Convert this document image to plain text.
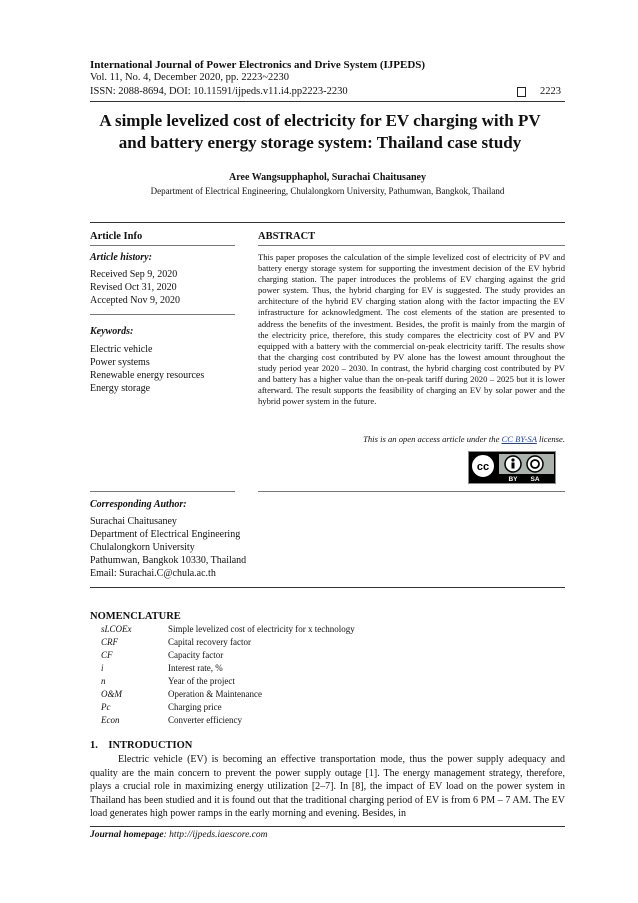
International Journal of Power Electronics and Drive System (IJPEDS)
Vol. 11, No. 4, December 2020, pp. 2223~2230
ISSN: 2088-8694, DOI: 10.11591/ijpeds.v11.i4.pp2223-2230	2223
A simple levelized cost of electricity for EV charging with PV
and battery energy storage system: Thailand case study
Aree Wangsupphaphol, Surachai Chaitusaney
Department of Electrical Engineering, Chulalongkorn University, Pathumwan, Bangkok, Thailand
Article Info
Article history:
Received Sep 9, 2020
Revised Oct 31, 2020
Accepted Nov 9, 2020
Keywords:
Electric vehicle
Power systems
Renewable energy resources
Energy storage
ABSTRACT
This paper proposes the calculation of the simple levelized cost of electricity of PV and battery energy storage system for supporting the investment decision of the EV hybrid charging station. The paper introduces the problems of EV charging against the grid power system. Thus, the hybrid charging for EV is suggested. The study provides an architecture of the hybrid EV charging station along with the factor impacting the EV infrastructure for acknowledgment. The cost elements of the station are presented to address the benefits of the investment. Besides, the profit is mainly from the margin of the electricity price, therefore, this study compares the electricity cost of PV and PV equipped with a battery with the commercial on-peak electricity tariff. The results show that the charging cost contributed by PV alone has the lowest amount throughout the study period year 2020 – 2030. In contrast, the hybrid charging cost contributed by PV and battery has a higher value than the on-peak tariff during 2020 – 2025 but it is lower afterward. The result supports the feasibility of charging an EV by solar power and the hybrid power system in the future.
This is an open access article under the CC BY-SA license.
cc
BY SA
Corresponding Author:
Surachai Chaitusaney
Department of Electrical Engineering
Chulalongkorn University
Pathumwan, Bangkok 10330, Thailand
Email: Surachai.C@chula.ac.th
NOMENCLATURE
sLCOEx	Simple levelized cost of electricity for x technology
CRF	Capital recovery factor
CF	Capacity factor
i	Interest rate, %
n	Year of the project
O&M	Operation & Maintenance
Pc	Charging price
Econ	Converter efficiency
1.    INTRODUCTION
Electric vehicle (EV) is becoming an effective transportation mode, thus the power supply adequacy and quality are the main concern to prevent the power supply outage [1]. The energy management strategy, therefore, plays a crucial role in maximizing energy utilization [2–7]. In [8], the impact of EV load on the power system in Thailand has been studied and it is found out that the traditional charging period of EV is from 6 PM – 7 AM. The EV load generates high power ramps in the early morning and evening. Besides, in
Journal homepage: http://ijpeds.iaescore.com
